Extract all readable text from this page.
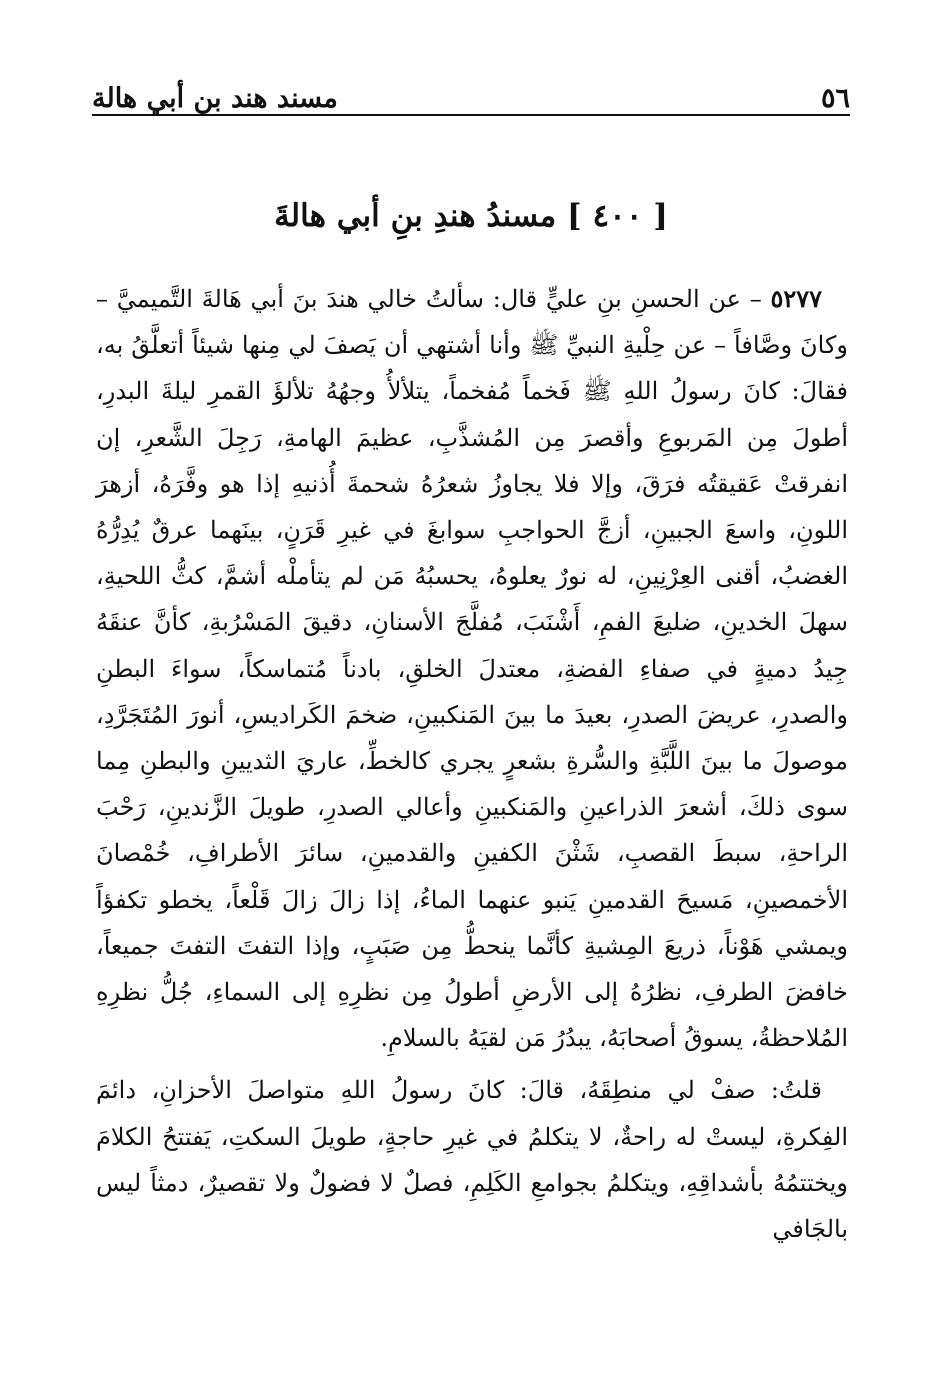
٥٦
مسند هند بن أبي هالة
[ ٤٠٠ ] مسندُ هندِ بنِ أبي هالةَ

٥٢٧٧ – عن الحسنِ بنِ عليٍّ قال: سألتُ خالي هندَ بنَ أبي هَالةَ التَّميميَّ – وكانَ وصَّافاً – عن حِلْيةِ النبيِّ ﷺ وأنا أشتهي أن يَصفَ لي مِنها شيئاً أتعلَّقُ به، فقالَ: كانَ رسولُ اللهِ ﷺ فَخماً مُفخماً، يتلألأُ وجهُهُ تلألؤَ القمرِ ليلةَ البدرِ، أطولَ مِن المَربوعِ وأقصرَ مِن المُشذَّبِ، عظيمَ الهامةِ، رَجِلَ الشَّعرِ، إن انفرقتْ عَقيقتُه فرَقَ، وإلا فلا يجاوزُ شعرُهُ شحمةَ أُذنيهِ إذا هو وفَّرَهُ، أزهرَ اللونِ، واسعَ الجبينِ، أزجَّ الحواجبِ سوابغَ في غيرِ قَرَنٍ، بينَهما عرقٌ يُدِرُّهُ الغضبُ، أقنى العِرْنِينِ، له نورٌ يعلوهُ، يحسبُهُ مَن لم يتأملْه أشمَّ، كثُّ اللحيةِ، سهلَ الخدينِ، ضليعَ الفمِ، أَشْنَبَ، مُفلَّجَ الأسنانِ، دقيقَ المَسْرُبةِ، كأنَّ عنقَهُ جِيدُ دميةٍ في صفاءِ الفضةِ، معتدلَ الخلقِ، بادناً مُتماسكاً، سواءَ البطنِ والصدرِ، عريضَ الصدرِ، بعيدَ ما بينَ المَنكبينِ، ضخمَ الكَراديسِ، أنورَ المُتَجَرَّدِ، موصولَ ما بينَ اللَّبَّةِ والسُّرةِ بشعرٍ يجري كالخطِّ، عاريَ الثديينِ والبطنِ مِما سوى ذلكَ، أشعرَ الذراعينِ والمَنكبينِ وأعالي الصدرِ، طويلَ الزَّندينِ، رَحْبَ الراحةِ، سبطَ القصبِ، شَثْنَ الكفينِ والقدمينِ، سائرَ الأطرافِ، خُمْصانَ الأخمصينِ، مَسيحَ القدمينِ يَنبو عنهما الماءُ، إذا زالَ زالَ قَلْعاً، يخطو تكفؤاً ويمشي هَوْناً، ذريعَ المِشيةِ كأنَّما ينحطُّ مِن صَبَبٍ، وإذا التفتَ التفتَ جميعاً، خافضَ الطرفِ، نظرُهُ إلى الأرضِ أطولُ مِن نظرِهِ إلى السماءِ، جُلُّ نظرِهِ المُلاحظةُ، يسوقُ أصحابَهُ، يبدُرُ مَن لقيَهُ بالسلامِ.

قلتُ: صفْ لي منطِقَهُ، قالَ: كانَ رسولُ اللهِ متواصلَ الأحزانِ، دائمَ الفِكرةِ، ليستْ له راحةٌ، لا يتكلمُ في غيرِ حاجةٍ، طويلَ السكتِ، يَفتتحُ الكلامَ ويختتمُهُ بأشداقِهِ، ويتكلمُ بجوامعِ الكَلِمِ، فصلٌ لا فضولٌ ولا تقصيرٌ، دمثاً ليس بالجَافي
